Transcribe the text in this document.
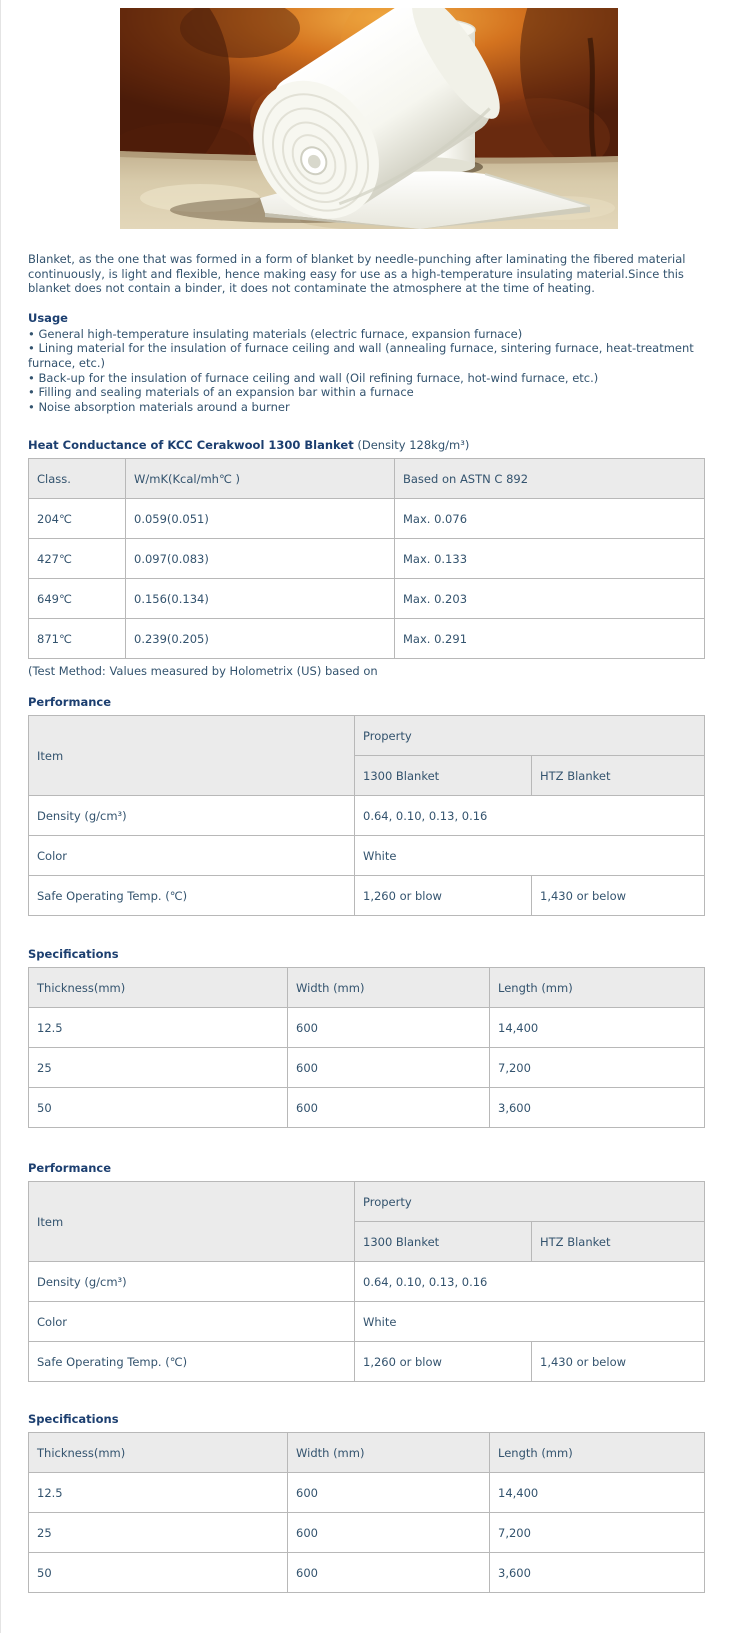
Blanket, as the one that was formed in a form of blanket by needle-punching after laminating the fibered material continuously, is light and flexible, hence making easy for use as a high-temperature insulating material.Since this blanket does not contain a binder, it does not contaminate the atmosphere at the time of heating.

Usage

• General high-temperature insulating materials (electric furnace, expansion furnace)
• Lining material for the insulation of furnace ceiling and wall (annealing furnace, sintering furnace, heat-treatment furnace, etc.)
• Back-up for the insulation of furnace ceiling and wall (Oil refining furnace, hot-wind furnace, etc.)
• Filling and sealing materials of an expansion bar within a furnace
• Noise absorption materials around a burner

Heat Conductance of KCC Cerakwool 1300 Blanket (Density 128kg/m³)

Class.	W/mK(Kcal/mh℃ )	Based on ASTN C 892
204℃	0.059(0.051)	Max. 0.076
427℃	0.097(0.083)	Max. 0.133
649℃	0.156(0.134)	Max. 0.203
871℃	0.239(0.205)	Max. 0.291

(Test Method: Values measured by Holometrix (US) based on

Performance

Item	Property	
	1300 Blanket	HTZ Blanket
Density (g/cm³)	0.64, 0.10, 0.13, 0.16	
Color	White	
Safe Operating Temp. (℃)	1,260 or blow	1,430 or below

Specifications

Thickness(mm)	Width (mm)	Length (mm)
12.5	600	14,400
25	600	7,200
50	600	3,600

Performance

Item	Property	
	1300 Blanket	HTZ Blanket
Density (g/cm³)	0.64, 0.10, 0.13, 0.16	
Color	White	
Safe Operating Temp. (℃)	1,260 or blow	1,430 or below

Specifications

Thickness(mm)	Width (mm)	Length (mm)
12.5	600	14,400
25	600	7,200
50	600	3,600
